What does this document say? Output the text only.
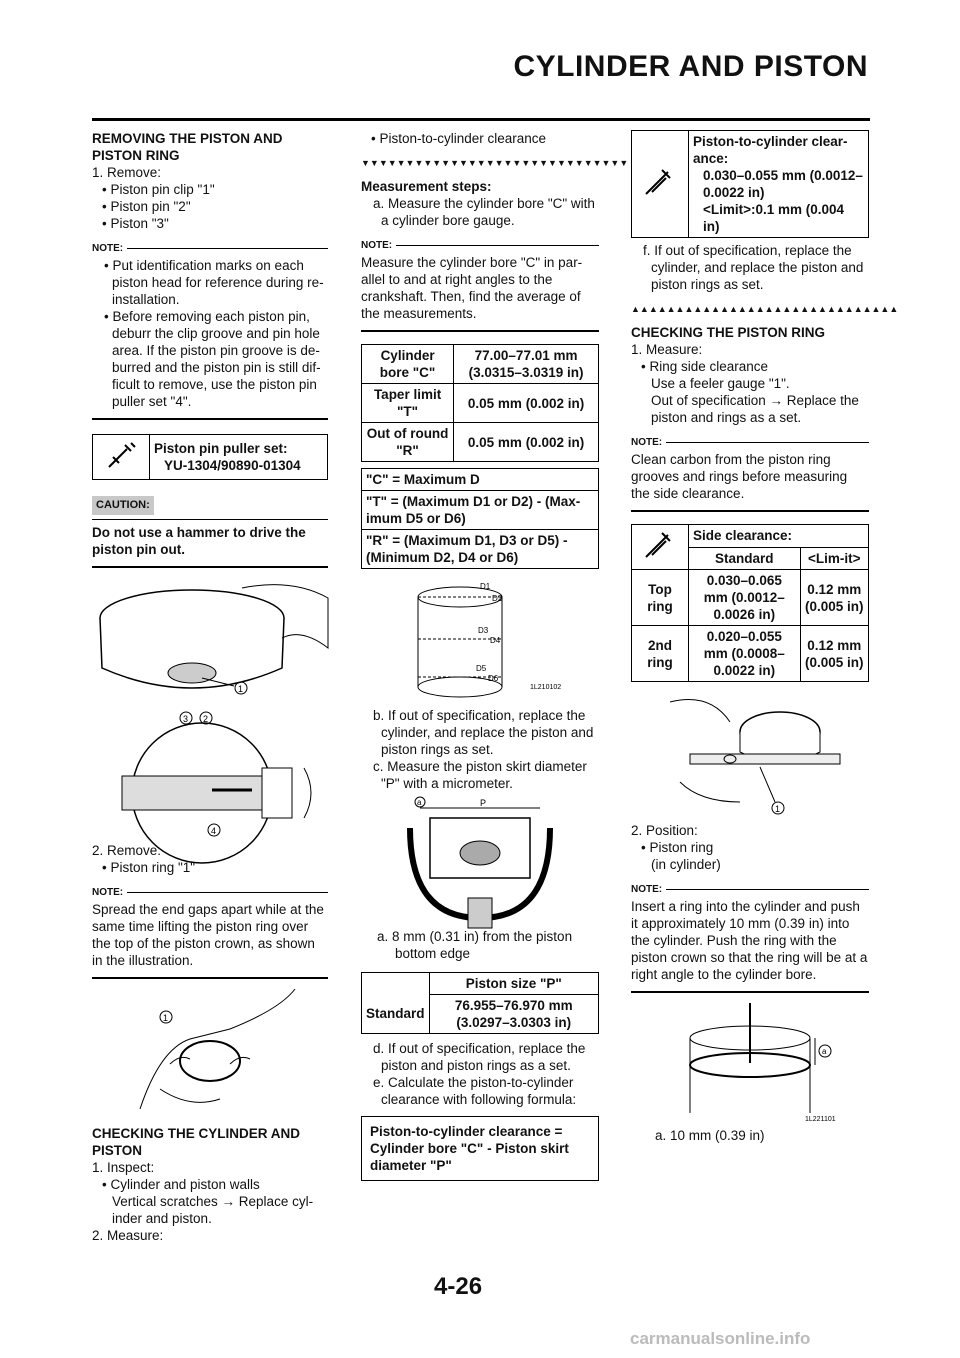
CYLINDER AND PISTON

REMOVING THE PISTON AND PISTON RING

1. Remove:

• Piston pin clip "1"

• Piston pin "2"

• Piston "3"

NOTE:

• Put identification marks on each piston head for reference during re-installation.

• Before removing each piston pin, deburr the clip groove and pin hole area. If the piston pin groove is de-burred and the piston pin is still dif-ficult to remove, use the piston pin puller set "4".

Piston pin puller set:
YU-1304/90890-01304
CAUTION:

Do not use a hammer to drive the piston pin out.

1
3 2
4

2. Remove:

• Piston ring "1"

NOTE:

Spread the end gaps apart while at the same time lifting the piston ring over the top of the piston crown, as shown in the illustration.

1

CHECKING THE CYLINDER AND PISTON

1. Inspect:

• Cylinder and piston walls

Vertical scratches → Replace cyl-inder and piston.

2. Measure:

• Piston-to-cylinder clearance

▼▼▼▼▼▼▼▼▼▼▼▼▼▼▼▼▼▼▼▼▼▼▼▼▼▼▼▼▼▼

Measurement steps:

a. Measure the cylinder bore "C" with a cylinder bore gauge.

NOTE:

Measure the cylinder bore "C" in par-allel to and at right angles to the crankshaft. Then, find the average of the measurements.

Cylinder bore "C"	77.00–77.01 mm (3.0315–3.0319 in)
Taper limit "T"	0.05 mm (0.002 in)
Out of round "R"	0.05 mm (0.002 in)
"C" = Maximum D
"T" = (Maximum D1 or D2) - (Max-imum D5 or D6)
"R" = (Maximum D1, D3 or D5) - (Minimum D2, D4 or D6)
D1
D2
D3
D4
D5
D6
1L210102

b. If out of specification, replace the cylinder, and replace the piston and piston rings as set.

c. Measure the piston skirt diameter "P" with a micrometer.

P
a

a. 8 mm (0.31 in) from the piston bottom edge

	Piston size "P"
Standard	76.955–76.970 mm (3.0297–3.0303 in)

d. If out of specification, replace the piston and piston rings as a set.

e. Calculate the piston-to-cylinder clearance with following formula:

Piston-to-cylinder clearance = Cylinder bore "C" - Piston skirt diameter "P"

Piston-to-cylinder clear-ance:
0.030–0.055 mm (0.0012–0.0022 in)
<Limit>:0.1 mm (0.004 in)

f. If out of specification, replace the cylinder, and replace the piston and piston rings as set.

▲▲▲▲▲▲▲▲▲▲▲▲▲▲▲▲▲▲▲▲▲▲▲▲▲▲▲▲▲▲

CHECKING THE PISTON RING

1. Measure:

• Ring side clearance

Use a feeler gauge "1".

Out of specification → Replace the piston and rings as a set.

NOTE:

Clean carbon from the piston ring grooves and rings before measuring the side clearance.

	Side clearance:	
	Standard	<Lim-it>
Top ring	0.030–0.065 mm (0.0012–0.0026 in)	0.12 mm (0.005 in)
2nd ring	0.020–0.055 mm (0.0008–0.0022 in)	0.12 mm (0.005 in)
1

2. Position:

• Piston ring

(in cylinder)

NOTE:

Insert a ring into the cylinder and push it approximately 10 mm (0.39 in) into the cylinder. Push the ring with the piston crown so that the ring will be at a right angle to the cylinder bore.

a
1L221101

a. 10 mm (0.39 in)

4-26
carmanualsonline.info
